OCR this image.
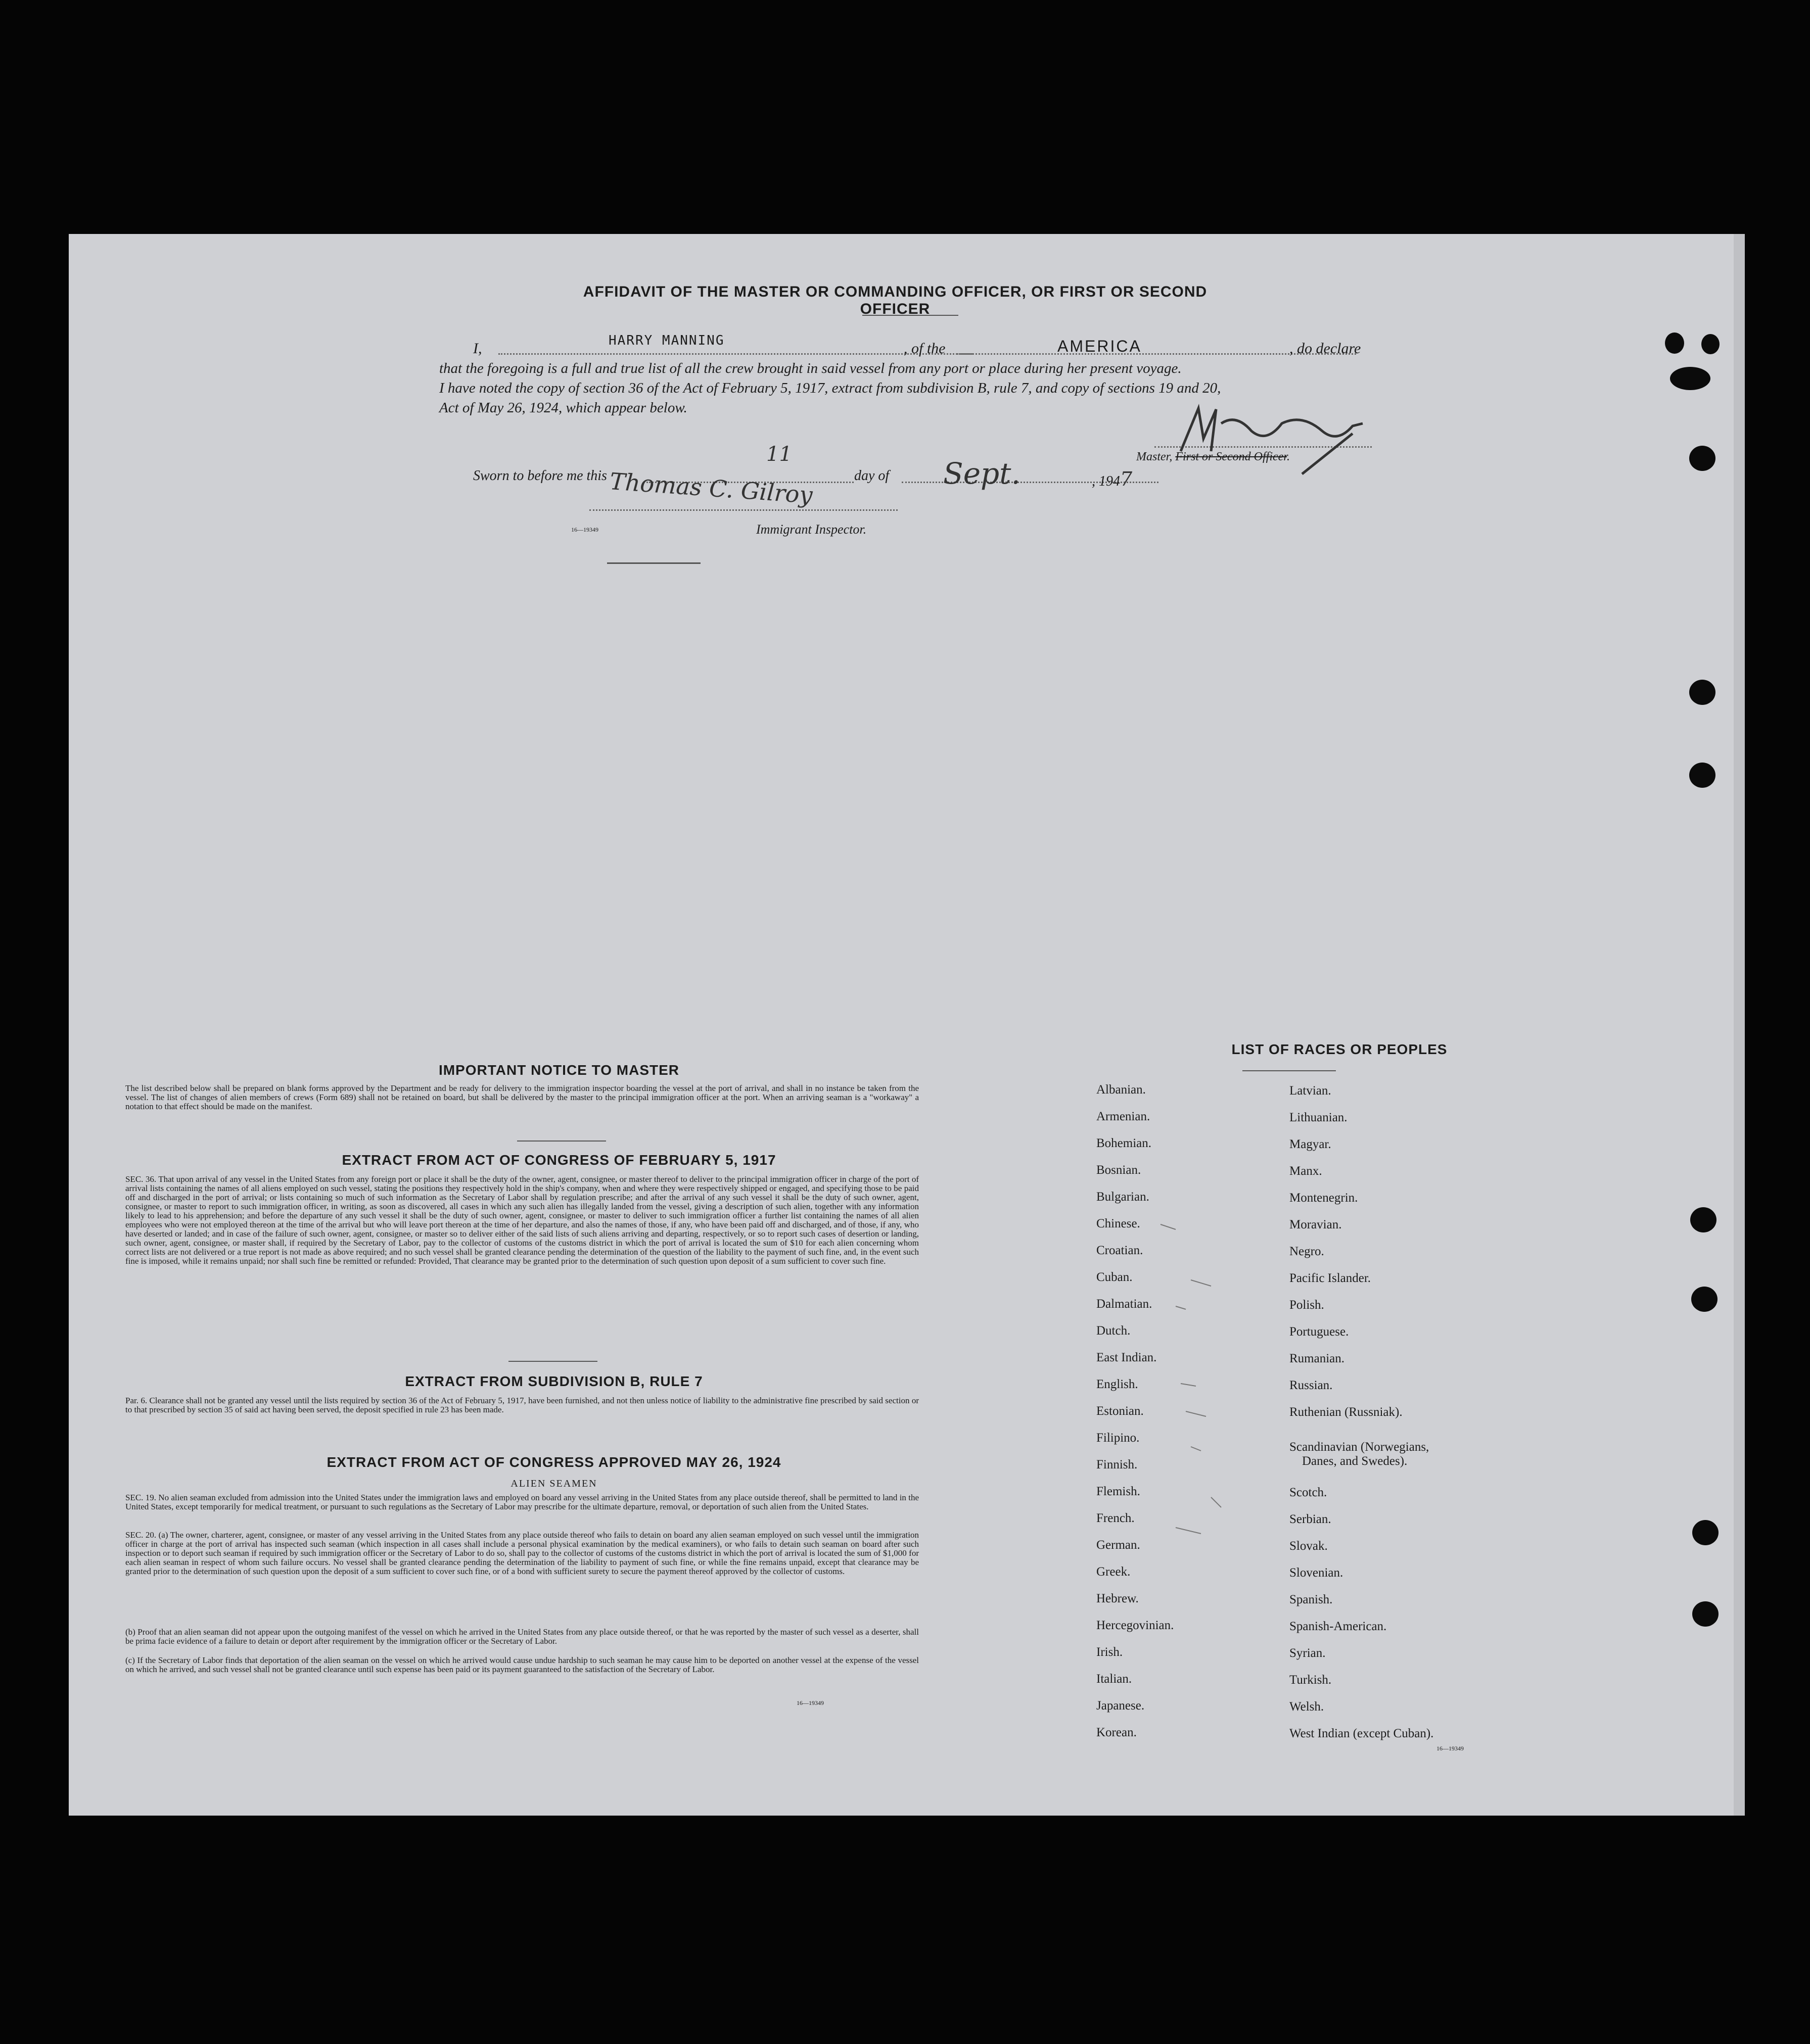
AFFIDAVIT OF THE MASTER OR COMMANDING OFFICER, OR FIRST OR SECOND OFFICER
I,	HARRY MANNING	, of the	AMERICA	, do declare
that the foregoing is a full and true list of all the crew brought in said vessel from any port or place during her present voyage.
I have noted the copy of section 36 of the Act of February 5, 1917, extract from subdivision B, rule 7, and copy of sections 19 and 20,
Act of May 26, 1924, which appear below.
Master, First or Second Officer.
Sworn to before me this
11
day of Sept.	, 1947
Thomas C. Gilroy
16—19349	Immigrant Inspector.
IMPORTANT NOTICE TO MASTER
The list described below shall be prepared on blank forms approved by the Department and be ready for delivery to the immigration inspector boarding the vessel at the port of arrival, and shall in no instance be taken from the vessel. The list of changes of alien members of crews (Form 689) shall not be retained on board, but shall be delivered by the master to the principal immigration officer at the port. When an arriving seaman is a "workaway" a notation to that effect should be made on the manifest.
EXTRACT FROM ACT OF CONGRESS OF FEBRUARY 5, 1917
SEC. 36. That upon arrival of any vessel in the United States from any foreign port or place it shall be the duty of the owner, agent, consignee, or master thereof to deliver to the principal immigration officer in charge of the port of arrival lists containing the names of all aliens employed on such vessel, stating the positions they respectively hold in the ship's company, when and where they were respectively shipped or engaged, and specifying those to be paid off and discharged in the port of arrival; or lists containing so much of such information as the Secretary of Labor shall by regulation prescribe; and after the arrival of any such vessel it shall be the duty of such owner, agent, consignee, or master to report to such immigration officer, in writing, as soon as discovered, all cases in which any such alien has illegally landed from the vessel, giving a description of such alien, together with any information likely to lead to his apprehension; and before the departure of any such vessel it shall be the duty of such owner, agent, consignee, or master to deliver to such immigration officer a further list containing the names of all alien employees who were not employed thereon at the time of the arrival but who will leave port thereon at the time of her departure, and also the names of those, if any, who have been paid off and discharged, and of those, if any, who have deserted or landed; and in case of the failure of such owner, agent, consignee, or master so to deliver either of the said lists of such aliens arriving and departing, respectively, or so to report such cases of desertion or landing, such owner, agent, consignee, or master shall, if required by the Secretary of Labor, pay to the collector of customs of the customs district in which the port of arrival is located the sum of $10 for each alien concerning whom correct lists are not delivered or a true report is not made as above required; and no such vessel shall be granted clearance pending the determination of the question of the liability to the payment of such fine, and, in the event such fine is imposed, while it remains unpaid; nor shall such fine be remitted or refunded: Provided, That clearance may be granted prior to the determination of such question upon deposit of a sum sufficient to cover such fine.
EXTRACT FROM SUBDIVISION B, RULE 7
Par. 6. Clearance shall not be granted any vessel until the lists required by section 36 of the Act of February 5, 1917, have been furnished, and not then unless notice of liability to the administrative fine prescribed by said section or to that prescribed by section 35 of said act having been served, the deposit specified in rule 23 has been made.
EXTRACT FROM ACT OF CONGRESS APPROVED MAY 26, 1924
ALIEN SEAMEN
SEC. 19. No alien seaman excluded from admission into the United States under the immigration laws and employed on board any vessel arriving in the United States from any place outside thereof, shall be permitted to land in the United States, except temporarily for medical treatment, or pursuant to such regulations as the Secretary of Labor may prescribe for the ultimate departure, removal, or deportation of such alien from the United States.
SEC. 20. (a) The owner, charterer, agent, consignee, or master of any vessel arriving in the United States from any place outside thereof who fails to detain on board any alien seaman employed on such vessel until the immigration officer in charge at the port of arrival has inspected such seaman (which inspection in all cases shall include a personal physical examination by the medical examiners), or who fails to detain such seaman on board after such inspection or to deport such seaman if required by such immigration officer or the Secretary of Labor to do so, shall pay to the collector of customs of the customs district in which the port of arrival is located the sum of $1,000 for each alien seaman in respect of whom such failure occurs. No vessel shall be granted clearance pending the determination of the liability to payment of such fine, or while the fine remains unpaid, except that clearance may be granted prior to the determination of such question upon the deposit of a sum sufficient to cover such fine, or of a bond with sufficient surety to secure the payment thereof approved by the collector of customs.
(b) Proof that an alien seaman did not appear upon the outgoing manifest of the vessel on which he arrived in the United States from any place outside thereof, or that he was reported by the master of such vessel as a deserter, shall be prima facie evidence of a failure to detain or deport after requirement by the immigration officer or the Secretary of Labor.
(c) If the Secretary of Labor finds that deportation of the alien seaman on the vessel on which he arrived would cause undue hardship to such seaman he may cause him to be deported on another vessel at the expense of the vessel on which he arrived, and such vessel shall not be granted clearance until such expense has been paid or its payment guaranteed to the satisfaction of the Secretary of Labor.
16—19349
LIST OF RACES OR PEOPLES
Albanian.
Armenian.
Bohemian.
Bosnian.
Bulgarian.
Chinese.
Croatian.
Cuban.
Dalmatian.
Dutch.
East Indian.
English.
Estonian.
Filipino.
Finnish.
Flemish.
French.
German.
Greek.
Hebrew.
Hercegovinian.
Irish.
Italian.
Japanese.
Korean.
Latvian.
Lithuanian.
Magyar.
Manx.
Montenegrin.
Moravian.
Negro.
Pacific Islander.
Polish.
Portuguese.
Rumanian.
Russian.
Ruthenian (Russniak).
Scandinavian (Norwegians,
Danes, and Swedes).
Scotch.
Serbian.
Slovak.
Slovenian.
Spanish.
Spanish-American.
Syrian.
Turkish.
Welsh.
West Indian (except Cuban).
16—19349
